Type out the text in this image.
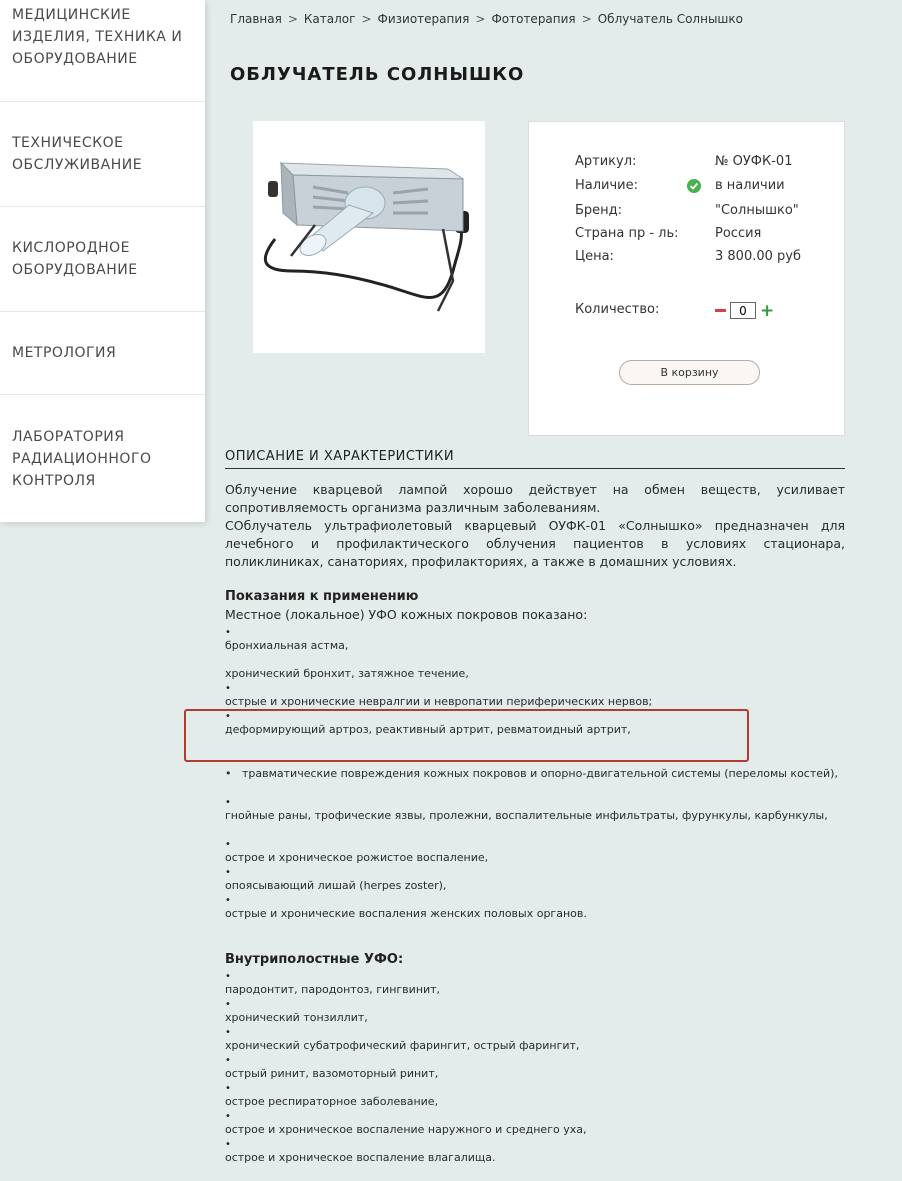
МЕДИЦИНСКИЕ
ИЗДЕЛИЯ, ТЕХНИКА И
ОБОРУДОВАНИЕ
ТЕХНИЧЕСКОЕ
ОБСЛУЖИВАНИЕ
КИСЛОРОДНОЕ
ОБОРУДОВАНИЕ
МЕТРОЛОГИЯ
ЛАБОРАТОРИЯ
РАДИАЦИОННОГО
КОНТРОЛЯ
Главная > Каталог > Физиотерапия > Фототерапия > Облучатель Солнышко
ОБЛУЧАТЕЛЬ СОЛНЫШКО
Артикул:	№ ОУФК-01
Наличие:	в наличии
Бренд:	"Солнышко"
Страна пр - ль:	Россия
Цена:	3 800.00 руб
Количество:
0	+
В корзину
ОПИСАНИЕ И ХАРАКТЕРИСТИКИ

Облучение кварцевой лампой хорошо действует на обмен веществ, усиливает сопротивляемость организма различным заболеваниям.

СОблучатель ультрафиолетовый кварцевый ОУФК-01 «Солнышко» предназначен для лечебного и профилактического облучения пациентов в условиях стационара, поликлиниках, санаториях, профилакториях, а также в домашних условиях.

Показания к применению
Местное (локальное) УФО кожных покровов показано:
•
бронхиальная астма,
хронический бронхит, затяжное течение,
•
острые и хронические невралгии и невропатии периферических нервов;
•
деформирующий артроз, реактивный артрит, ревматоидный артрит,
• травматические повреждения кожных покровов и опорно-двигательной системы (переломы костей),
•
гнойные раны, трофические язвы, пролежни, воспалительные инфильтраты, фурункулы, карбункулы,
•
острое и хроническое рожистое воспаление,
•
опоясывающий лишай (herpes zoster),
•
острые и хронические воспаления женских половых органов.
Внутриполостные УФО:
•
пародонтит, пародонтоз, гингвинит,
•
хронический тонзиллит,
•
хронический субатрофический фарингит, острый фарингит,
•
острый ринит, вазомоторный ринит,
•
острое респираторное заболевание,
•
острое и хроническое воспаление наружного и среднего уха,
•
острое и хроническое воспаление влагалища.
